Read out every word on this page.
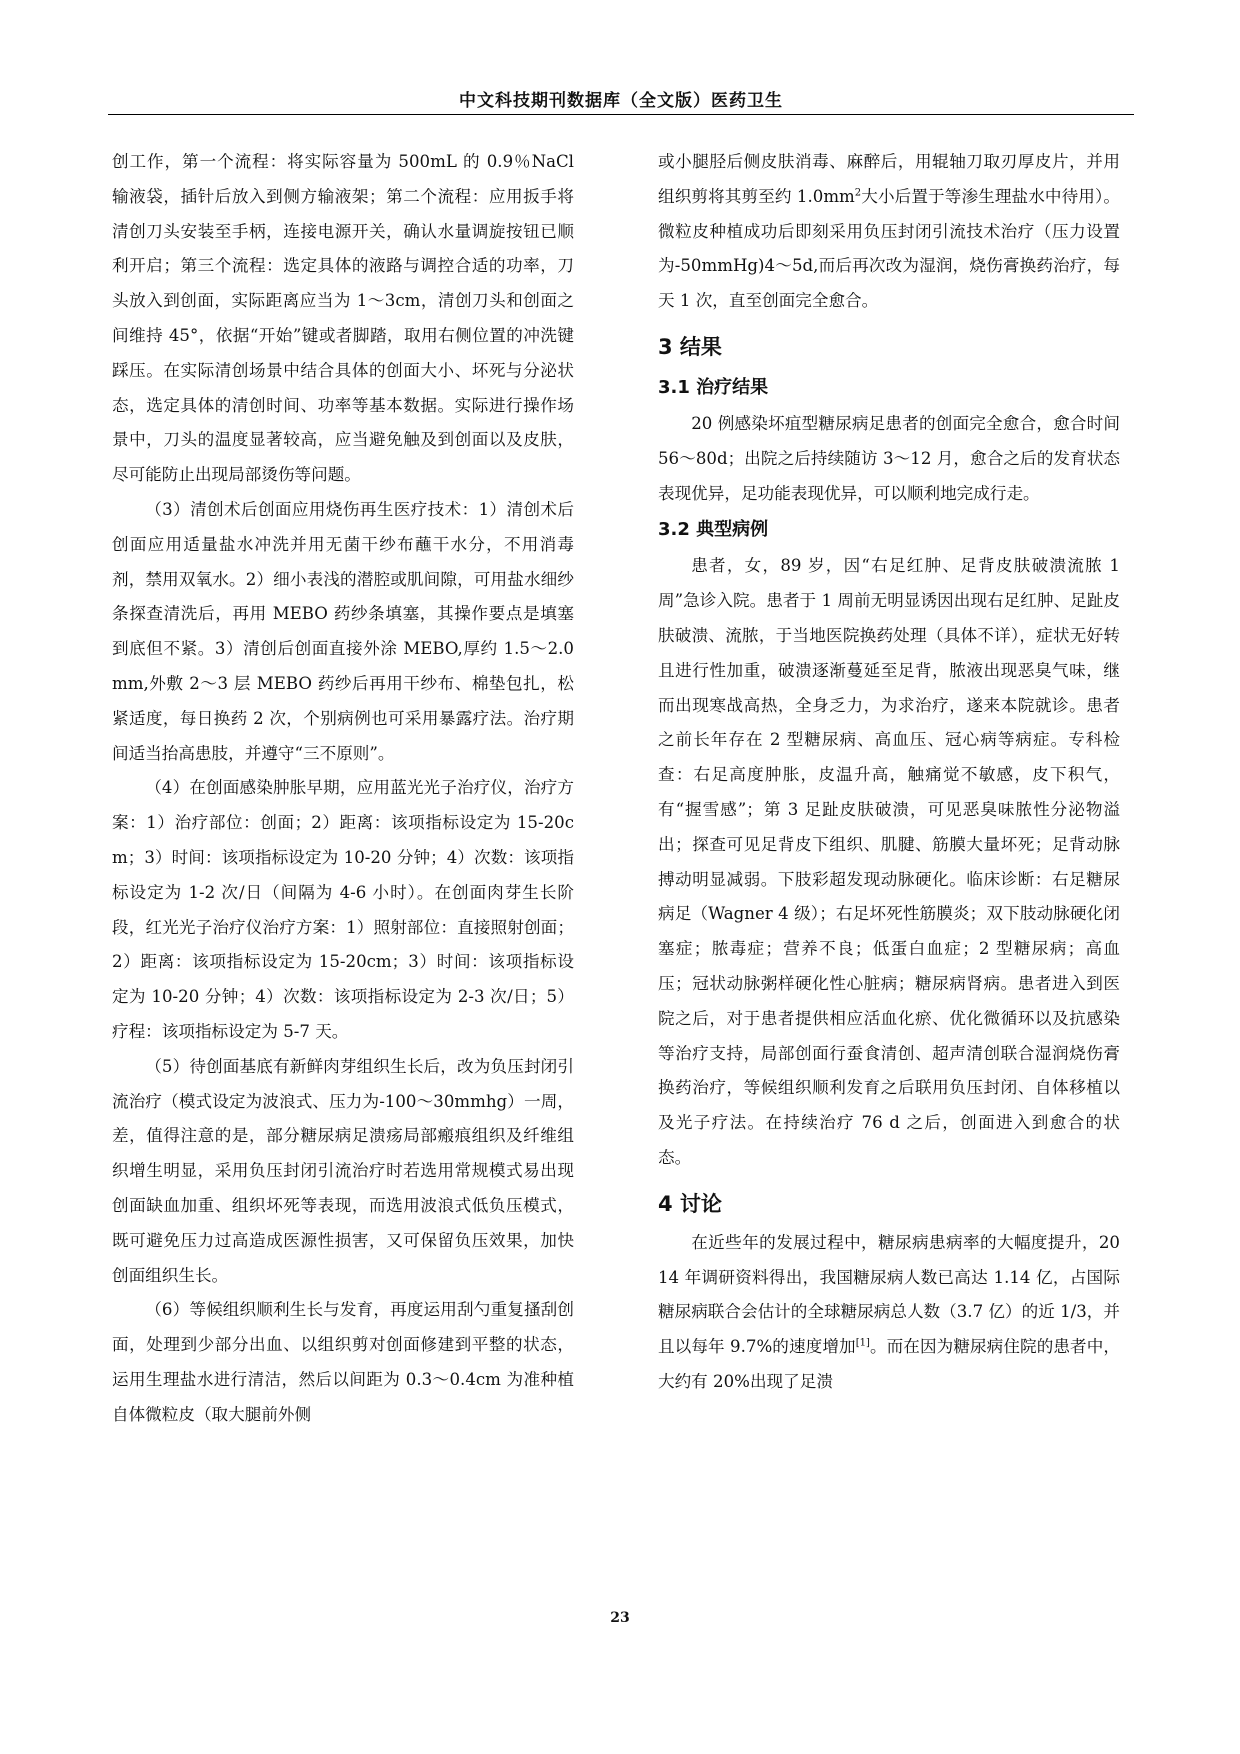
中文科技期刊数据库（全文版）医药卫生

创工作，第一个流程：将实际容量为 500mL 的 0.9％NaCl 输液袋，插针后放入到侧方输液架；第二个流程：应用扳手将清创刀头安装至手柄，连接电源开关，确认水量调旋按钮已顺利开启；第三个流程：选定具体的液路与调控合适的功率，刀头放入到创面，实际距离应当为 1～3cm，清创刀头和创面之间维持 45°，依据“开始”键或者脚踏，取用右侧位置的冲洗键踩压。在实际清创场景中结合具体的创面大小、坏死与分泌状态，选定具体的清创时间、功率等基本数据。实际进行操作场景中，刀头的温度显著较高，应当避免触及到创面以及皮肤，尽可能防止出现局部烫伤等问题。

（3）清创术后创面应用烧伤再生医疗技术：1）清创术后创面应用适量盐水冲洗并用无菌干纱布蘸干水分，不用消毒剂，禁用双氧水。2）细小表浅的潜腔或肌间隙，可用盐水细纱条探查清洗后，再用 MEBO 药纱条填塞，其操作要点是填塞到底但不紧。3）清创后创面直接外涂 MEBO,厚约 1.5～2.0mm,外敷 2～3 层 MEBO 药纱后再用干纱布、棉垫包扎，松紧适度，每日换药 2 次，个别病例也可采用暴露疗法。治疗期间适当抬高患肢，并遵守“三不原则”。

（4）在创面感染肿胀早期，应用蓝光光子治疗仪，治疗方案：1）治疗部位：创面；2）距离：该项指标设定为 15-20cm；3）时间：该项指标设定为 10-20 分钟；4）次数：该项指标设定为 1-2 次/日（间隔为 4-6 小时）。在创面肉芽生长阶段，红光光子治疗仪治疗方案：1）照射部位：直接照射创面；2）距离：该项指标设定为 15-20cm；3）时间：该项指标设定为 10-20 分钟；4）次数：该项指标设定为 2-3 次/日；5）疗程：该项指标设定为 5-7 天。

（5）待创面基底有新鲜肉芽组织生长后，改为负压封闭引流治疗（模式设定为波浪式、压力为-100～30mmhg）一周，差，值得注意的是，部分糖尿病足溃疡局部瘢痕组织及纤维组织增生明显，采用负压封闭引流治疗时若选用常规模式易出现创面缺血加重、组织坏死等表现，而选用波浪式低负压模式，既可避免压力过高造成医源性损害，又可保留负压效果，加快创面组织生长。

（6）等候组织顺利生长与发育，再度运用刮勺重复搔刮创面，处理到少部分出血、以组织剪对创面修建到平整的状态，运用生理盐水进行清洁，然后以间距为 0.3～0.4cm 为准种植自体微粒皮（取大腿前外侧

或小腿胫后侧皮肤消毒、麻醉后，用辊轴刀取刃厚皮片，并用组织剪将其剪至约 $1.0mm^2$大小后置于等渗生理盐水中待用）。微粒皮种植成功后即刻采用负压封闭引流技术治疗（压力设置为-50mmHg)4～5d,而后再次改为湿润，烧伤膏换药治疗，每天 1 次，直至创面完全愈合。

3 结果
3.1 治疗结果

20 例感染坏疽型糖尿病足患者的创面完全愈合，愈合时间 56～80d；出院之后持续随访 3～12 月，愈合之后的发育状态表现优异，足功能表现优异，可以顺利地完成行走。

3.2 典型病例

患者，女，89 岁，因“右足红肿、足背皮肤破溃流脓 1 周”急诊入院。患者于 1 周前无明显诱因出现右足红肿、足趾皮肤破溃、流脓，于当地医院换药处理（具体不详），症状无好转且进行性加重，破溃逐渐蔓延至足背，脓液出现恶臭气味，继而出现寒战高热，全身乏力，为求治疗，遂来本院就诊。患者之前长年存在 2 型糖尿病、高血压、冠心病等病症。专科检查：右足高度肿胀，皮温升高，触痛觉不敏感，皮下积气，有“握雪感”；第 3 足趾皮肤破溃，可见恶臭味脓性分泌物溢出；探查可见足背皮下组织、肌腱、筋膜大量坏死；足背动脉搏动明显减弱。下肢彩超发现动脉硬化。临床诊断：右足糖尿病足（Wagner 4 级）；右足坏死性筋膜炎；双下肢动脉硬化闭塞症；脓毒症；营养不良；低蛋白血症；2 型糖尿病；高血压；冠状动脉粥样硬化性心脏病；糖尿病肾病。患者进入到医院之后，对于患者提供相应活血化瘀、优化微循环以及抗感染等治疗支持，局部创面行蚕食清创、超声清创联合湿润烧伤膏换药治疗，等候组织顺利发育之后联用负压封闭、自体移植以及光子疗法。在持续治疗 76 d 之后，创面进入到愈合的状态。

4 讨论

在近些年的发展过程中，糖尿病患病率的大幅度提升，2014 年调研资料得出，我国糖尿病人数已高达 1.14 亿，占国际糖尿病联合会估计的全球糖尿病总人数（3.7 亿）的近 1/3，并且以每年 9.7%的速度增加[1]。而在因为糖尿病住院的患者中，大约有 20%出现了足溃

23
